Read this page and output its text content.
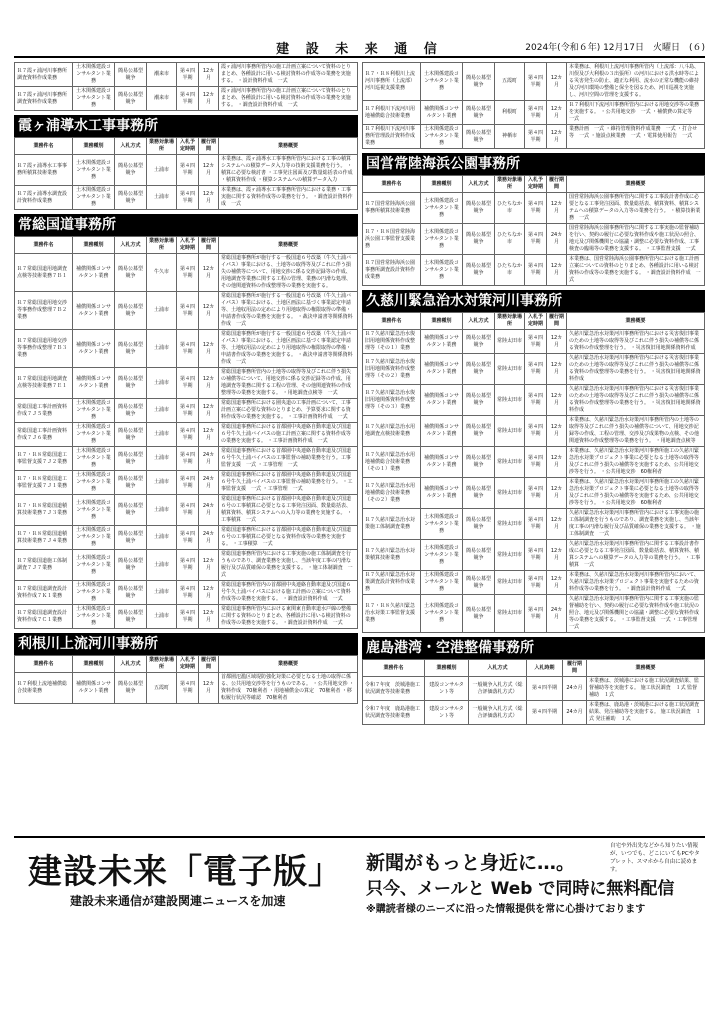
建 設 未 来 通 信	2024年(令和６年) 12月17日　火曜日　(６)
Ｒ７霞ヶ浦河川事務所調査資料作成業務	土木関係建設コンサルタント業務	簡易公募型競争	潮来市	第４四半期	12カ月	霞ヶ浦河川事務所管内の施工計画立案について資料のとりまとめ、各種設計に用いる検討資料の作成等の業務を実施する。 ・設計資料作成　一式
Ｒ７霞ヶ浦河川事務所調査資料作成業務	土木関係建設コンサルタント業務	簡易公募型競争	潮来市	第４四半期	12カ月	霞ヶ浦河川事務所管内の施工計画立案について資料のとりまとめ、各種設計に用いる検討資料の作成等の業務を実施する。 ・調査設計資料作成　一式
霞ヶ浦導水工事事務所
業務件名	業務種別	入札方式	業務対象場所	入札予定時期	履行期間	業務概要
Ｒ７霞ヶ浦導水工事事務所積算技術業務	土木関係建設コンサルタント業務	簡易公募型競争	土浦市	第４四半期	12カ月	本業務は、霞ヶ浦導水工事事務所管内における工事の積算システムへの積算データ入力等の技術支援業務を行う。 ・積算に必要な検討書 ・工事発注図面及び数量総括表の作成 ・積算資料作成 ・積算システムへの積算データ入力
Ｒ７霞ヶ浦導水調査設計資料作成業務	土木関係建設コンサルタント業務	簡易公募型競争	土浦市	第４四半期	12カ月	本業務は、霞ヶ浦導水工事事務所管内における業務・工事実施に関する資料作成等の業務を行う。 ・調査設計資料作成　一式
常総国道事務所
業務件名	業務種別	入札方式	業務対象場所	入札予定時期	履行期間	業務概要
Ｒ７常総国道用地調査点検等技術業務７Ｂ１	補償関係コンサルタント業務	簡易公募型競争	牛久市	第４四半期	12カ月	常総国道事務所が施行する一般国道６号改築（牛久土浦バイパス）事業における、土地等の取得等及びこれに伴う損失の補償等について、用地交渉に係る交渉記録等の作成、用地調査等業務に関する工程の管理、業務の円滑な処理、その他関連資料の作成整理等の業務を実施する。
Ｒ７常総国道用地交渉等事務作成整理７Ｂ２業務	補償関係コンサルタント業務	簡易公募型競争	土浦市	第４四半期	12カ月	常総国道事務所が施行する一般国道６号改築（牛久土浦バイパス）事業における、土地区画法に基づく事業認定申請等、土地収用法の定めにより用地取得の権限取得の準備・申請書作成等の業務を実施する。 ・裁決申請書等関係資料作成　一式
Ｒ７常総国道用地交渉等事務作成整理７Ｂ３業務	補償関係コンサルタント業務	簡易公募型競争	土浦市	第４四半期	12カ月	常総国道事務所が施行する一般国道６号改築（牛久土浦バイパス）事業における、土地区画法に基づく事業認定申請等、土地収用法の定めにより用地取得の権限取得の準備・申請書作成等の業務を実施する。 ・裁決申請書等関係資料作成　一式
Ｒ７常総国道用地調査点検等技術業務７Ｅ１	補償関係コンサルタント業務	簡易公募型競争	土浦市	第４四半期	12カ月	常総国道事務所管内の土地等の取得等及びこれに伴う損失の補償等について、用地交渉に係る交渉記録等の作成、用地調査等業務に関する工程の管理、その他関連資料の作成整理等の業務を実施する。 ・用地調査点検等　一式
常総国道工事計画資料作成７Ｊ５業務	土木関係建設コンサルタント業務	簡易公募型競争	土浦市	第４四半期	12カ月	常総国道事務所における圏央道の工事計画について、工事計画立案に必要な資料のとりまとめ、予算要求に関する資料作成等の業務を実施する。 ・工事計画資料作成　一式
常総国道工事計画資料作成７Ｊ６業務	土木関係建設コンサルタント業務	簡易公募型競争	土浦市	第４四半期	12カ月	常総国道事務所における首都圏中央連絡自動車道及び国道６号牛久土浦バイパスの施工計画立案に関する資料作成等の業務を実施する。 ・工事計画資料作成　一式
Ｒ７・Ｒ８常総国道工事監督支援７Ｊ２業務	土木関係建設コンサルタント業務	簡易公募型競争	土浦市	第４四半期	24カ月	常総国道事務所における首都圏中央連絡自動車道及び国道６号牛久土浦バイパスの工事監督の補助業務を行う。工事監督支援　一式 ・工事管理　一式
Ｒ７・Ｒ８常総国道工事監督支援７Ｊ１業務	土木関係建設コンサルタント業務	簡易公募型競争	土浦市	第４四半期	24カ月	常総国道事務所における首都圏中央連絡自動車道及び国道６号牛久土浦バイパスの工事監督の補助業務を行う。 ・工事監督支援　一式 ・工事管理　一式
Ｒ７・Ｒ８常総国道積算技術業務７Ｊ３業務	土木関係建設コンサルタント業務	簡易公募型競争	土浦市	第４四半期	24カ月	常総国道事務所における首都圏中央連絡自動車道及び国道６号の工事積算に必要となる工事発注図面、数量総括表、積算資料、積算システムへの入力等の業務を実施する。 ・工事積算　一式
Ｒ７・Ｒ８常総国道積算技術業務７Ｊ４業務	土木関係建設コンサルタント業務	簡易公募型競争	土浦市	第４四半期	24カ月	常総国道事務所における首都圏中央連絡自動車道及び国道６号の工事積算に必要となる資料作成等の業務を実施する。 ・工事積算　一式
Ｒ７常総国道施工体制調査７Ｊ７業務	土木関係建設コンサルタント業務	簡易公募型競争	土浦市	第４四半期	12カ月	常総国道事務所管内における工事実施の施工体制調査を行うものであり、調査業務を実施し、当該年度工事の円滑な履行及び品質確保の業務を支援する。 ・施工体制調査　一式
Ｒ７常総国道調査設計資料作成７Ｋ１業務	土木関係建設コンサルタント業務	簡易公募型競争	土浦市	第４四半期	12カ月	常総国道事務所管内の首都圏中央連絡自動車道及び国道６号牛久土浦バイパスにおける施工計画の立案について資料作成等の業務を実施する。 ・調査設計資料作成　一式
Ｒ７常総国道調査設計資料作成７Ｃ１業務	土木関係建設コンサルタント業務	簡易公募型競争	土浦市	第４四半期	12カ月	常総国道事務所管内における東関東自動車道水戸線の整備に関する資料のとりまとめ、各種設計に用いる検討資料の作成等の業務を実施する。 ・調査設計資料作成　一式
利根川上流河川事務所
業務件名	業務種別	入札方式	業務対象場所	入札予定時期	履行期間	業務概要
Ｒ７利根上流地補償総合技術業務	補償関係コンサルタント業務	簡易公募型競争	五霞町	第４四半期	12カ月	首都圏氾濫区域堤防強化対策に必要となる土地の取得に係る、公共用地交渉等を行うものである。 ・公共用地交渉 ・資料作成　70権利者 ・用地補償金の算定　70権利者 ・移転履行状況等確認　70権利者
Ｒ７・Ｒ８利根川上流河川事務所（上流部）河川巡視支援業務	土木関係建設コンサルタント業務	簡易公募型競争	五霞町	第４四半期	12カ月	本業務は、利根川上流河川事務所管内（上流部：八斗島、川俣及び大利根の３出張所）の河川における洪水時等による災害発生の防止、適正な利用、流水の正常な機能の維持及び河川環境の整備と保全を図るため、河川巡視を実施し、河川空間の管理を支援する。
Ｒ７利根川下流河川用地補償総合技術業務	補償関係コンサルタント業務	簡易公募型競争	利根町	第４四半期	12カ月	Ｒ７利根川下流河川事務所管内における用地交渉等の業務を実施する。 ・公共用地交渉　一式 ・補償費の算定等　一式
Ｒ７利根川下流河川事務所管理設計資料作成業務	土木関係建設コンサルタント業務	簡易公募型競争	神栖市	第４四半期	12カ月	業務計画　一式 ・維持管理資料作成業務　一式 ・打合せ等　一式 ・施設点検業務　一式 ・電算使用報告　一式
国営常陸海浜公園事務所
業務件名	業務種別	入札方式	業務対象場所	入札予定時期	履行期間	業務概要
Ｒ７国営常陸海浜公園事務所積算技術業務	土木関係建設コンサルタント業務	簡易公募型競争	ひたちなか市	第４四半期	12カ月	国営常陸海浜公園事務所管内に関する工事設計書作成に必要となる工事発注図面、数量総括表、積算資料、積算システムへの積算データの入力等の業務を行う。 ・積算技術業務　一式
Ｒ７・Ｒ８国営常陸海浜公園工事監督支援業務	土木関係建設コンサルタント業務	簡易公募型競争	ひたちなか市	第４四半期	24カ月	国営常陸海浜公園事務所管内に関する工事実施の監督補助を行い、契約の履行に必要な資料作成や施工状況の照合、地元及び関係機関との協議・調整に必要な資料作成、工事検査の臨場等の業務を支援する。 ・工事監督支援　一式
Ｒ７国営常陸海浜公園事務所調査設計資料作成業務	土木関係建設コンサルタント業務	簡易公募型競争	ひたちなか市	第４四半期	12カ月	本業務は、国営常陸海浜公園事務所管内における施工計画立案についての資料のとりまとめ、各種設計に用いる検討資料の作成等の業務を実施する。 ・調査設計資料作成　一式
久慈川緊急治水対策河川事務所
業務件名	業務種別	入札方式	業務対象場所	入札予定時期	履行期間	業務概要
Ｒ７久慈川緊急治水復旧用地関係資料作成整理等（その１）業務	補償関係コンサルタント業務	簡易公募型競争	常陸太田市	第４四半期	12カ月	久慈川緊急治水対策河川事務所管内における災害復旧事業のための土地等の取得等及びこれに伴う損失の補償等に係る資料の作成整理を行う。 ・災害復旧用地関係資料作成
Ｒ７久慈川緊急治水復旧用地関係資料作成整理等（その２）業務	補償関係コンサルタント業務	簡易公募型競争	常陸太田市	第４四半期	12カ月	久慈川緊急治水対策河川事務所管内における災害復旧事業のための土地等の取得等及びこれに伴う損失の補償等に係る資料の作成整理等の業務を行う。 ・災害復旧用地関係資料作成
Ｒ７久慈川緊急治水復旧用地関係資料作成整理等（その３）業務	補償関係コンサルタント業務	簡易公募型競争	常陸太田市	第４四半期	12カ月	久慈川緊急治水対策河川事務所管内における災害復旧事業のための土地等の取得等及びこれに伴う損失の補償等に係る資料の作成整理等の業務を行う。 ・災害復旧用地関係資料作成
Ｒ７久慈川緊急治水用地調査点検技術業務	補償関係コンサルタント業務	簡易公募型競争	常陸太田市	第４四半期	12カ月	本業務は、久慈川緊急治水対策河川事務所管内の土地等の取得等及びこれに伴う損失の補償等について、用地交渉記録等の作成、工程の管理、交渉及び成果物の点検、その他関連資料の作成整理等の業務を行う。 ・用地調査点検等
Ｒ７久慈川緊急治水用地補償総合技術業務（その１）業務	補償関係コンサルタント業務	簡易公募型競争	常陸太田市	第４四半期	12カ月	本業務は、久慈川緊急治水対策河川事務所施工の久慈川緊急治水対策プロジェクト事業に必要となる土地等の取得等及びこれに伴う損失の補償等を実施するため、公共用地交渉等を行う。 ・公共用地交渉　60権利者
Ｒ７久慈川緊急治水用地補償総合技術業務（その２）業務	補償関係コンサルタント業務	簡易公募型競争	常陸太田市	第４四半期	12カ月	本業務は、久慈川緊急治水対策河川事務所施工の久慈川緊急治水対策プロジェクト事業に必要となる土地等の取得等及びこれに伴う損失の補償等を実施するため、公共用地交渉等を行う。 ・公共用地交渉　60権利者
Ｒ７久慈川緊急治水対策施工体制調査業務	土木関係建設コンサルタント業務	簡易公募型競争	常陸太田市	第４四半期	12カ月	久慈川緊急治水対策河川事務所管内における工事実施の施工体制調査を行うものであり、調査業務を実施し、当該年度工事の円滑な履行及び品質確保の業務を支援する。 ・施工体制調査　一式
Ｒ７久慈川緊急治水対策積算技術業務	土木関係建設コンサルタント業務	簡易公募型競争	常陸太田市	第４四半期	12カ月	久慈川緊急治水対策河川事務所管内に関する工事設計書作成に必要となる工事発注図面、数量総括表、積算資料、積算システムへの積算データの入力等の業務を行う。 ・工事積算　一式
Ｒ７久慈川緊急治水対策調査設計資料作成業務	土木関係建設コンサルタント業務	簡易公募型競争	常陸太田市	第４四半期	12カ月	本業務は、久慈川緊急治水対策河川事務所管内において、久慈川緊急治水対策プロジェクト事業を実施するための資料作成等の業務を行う。 ・調査設計資料作成　一式
Ｒ７・Ｒ８久慈川緊急治水対策工事監督支援業務	土木関係建設コンサルタント業務	簡易公募型競争	常陸太田市	第４四半期	24カ月	久慈川緊急治水対策河川事務所管内に関する工事実施の監督補助を行い、契約の履行に必要な資料作成や施工状況の照合、地元及び関係機関との協議・調整に必要な資料作成等の業務を支援する。 ・工事監督支援　一式 ・工事管理　一式
鹿島港湾・空港整備事務所
業務件名	業務種別	入札方式	入札時期	履行期間	業務概要
令和７年度　茨城港施工状況調査等技術業務	建設コンサルタント等	一般競争入札方式（総合評価落札方式）	第４四半期	24カ月	本業務は、茨城港における施工状況調査結果、監督補助等を実施する。 施工状況調査　１式 監督補助　１式
令和７年度　鹿島港施工状況調査等技術業務	建設コンサルタント等	一般競争入札方式（総合評価落札方式）	第４四半期	24カ月	本業務は、鹿島港・茨城港における施工状況調査結果、発注補助等を実施する。 施工状況調査　１式 発注補助　１式
建設未来「電子版」
建設未来通信が建設関連ニュースを加速
新聞がもっと身近に…。
只今、メールと Web で同時に無料配信
※購読者様のニーズに沿った情報提供を常に心掛けております
自宅や外出先などから知りたい情報が、いつでも、どこにいてもPCやタブレット、スマホから自由に読めます。
